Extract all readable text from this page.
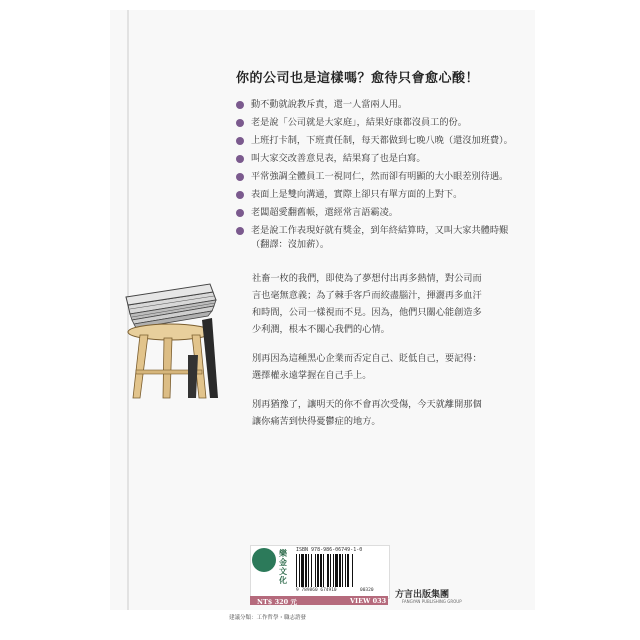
你的公司也是這樣嗎？愈待只會愈心酸！
動不動就說教斥責，還一人當兩人用。
老是說「公司就是大家庭」，結果好康都沒員工的份。
上班打卡制，下班責任制，每天都做到七晚八晚（還沒加班費）。
叫大家交改善意見表，結果寫了也是白寫。
平常強調全體員工一視同仁，然而卻有明顯的大小眼差別待遇。
表面上是雙向溝通，實際上卻只有單方面的上對下。
老闆超愛翻舊帳，還經常言語霸凌。
老是說工作表現好就有獎金，到年終結算時，又叫大家共體時艱（翻譯：沒加薪）。

社畜一枚的我們，即使為了夢想付出再多熱情，對公司而言也毫無意義；為了棘手客戶而絞盡腦汁，揮灑再多血汗和時間，公司一樣視而不見。因為，他們只關心能創造多少利潤，根本不關心我們的心情。

別再因為這種黑心企業而否定自己、貶低自己，要記得：選擇權永遠掌握在自己手上。

別再猶豫了，讓明天的你不會再次受傷，今天就離開那個讓你痛苦到快得憂鬱症的地方。

樂金文化
ISBN 978-986-06749-1-0
9 789860 674910	00320
NT$ 320 元	VIEW 033
方言出版集團
FANGYAN PUBLISHING GROUP
建議分類：工作哲學・職志諮發
